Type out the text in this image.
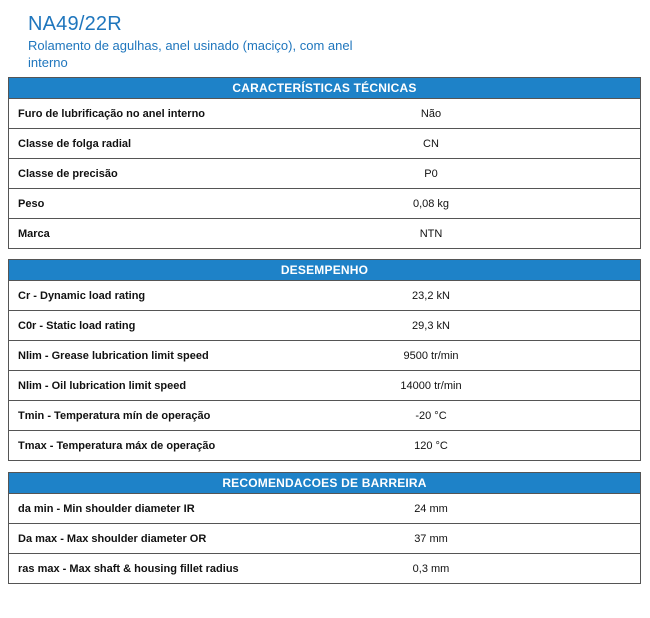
NA49/22R
Rolamento de agulhas, anel usinado (maciço), com anel
interno
CARACTERÍSTICAS TÉCNICAS
Furo de lubrificação no anel interno	Não
Classe de folga radial	CN
Classe de precisão	P0
Peso	0,08 kg
Marca	NTN
DESEMPENHO
Cr - Dynamic load rating	23,2 kN
C0r - Static load rating	29,3 kN
Nlim - Grease lubrication limit speed	9500 tr/min
Nlim - Oil lubrication limit speed	14000 tr/min
Tmin - Temperatura mín de operação	-20 °C
Tmax - Temperatura máx de operação	120 °C
RECOMENDACOES DE BARREIRA
da min - Min shoulder diameter IR	24 mm
Da max - Max shoulder diameter OR	37 mm
ras max - Max shaft & housing fillet radius	0,3 mm
